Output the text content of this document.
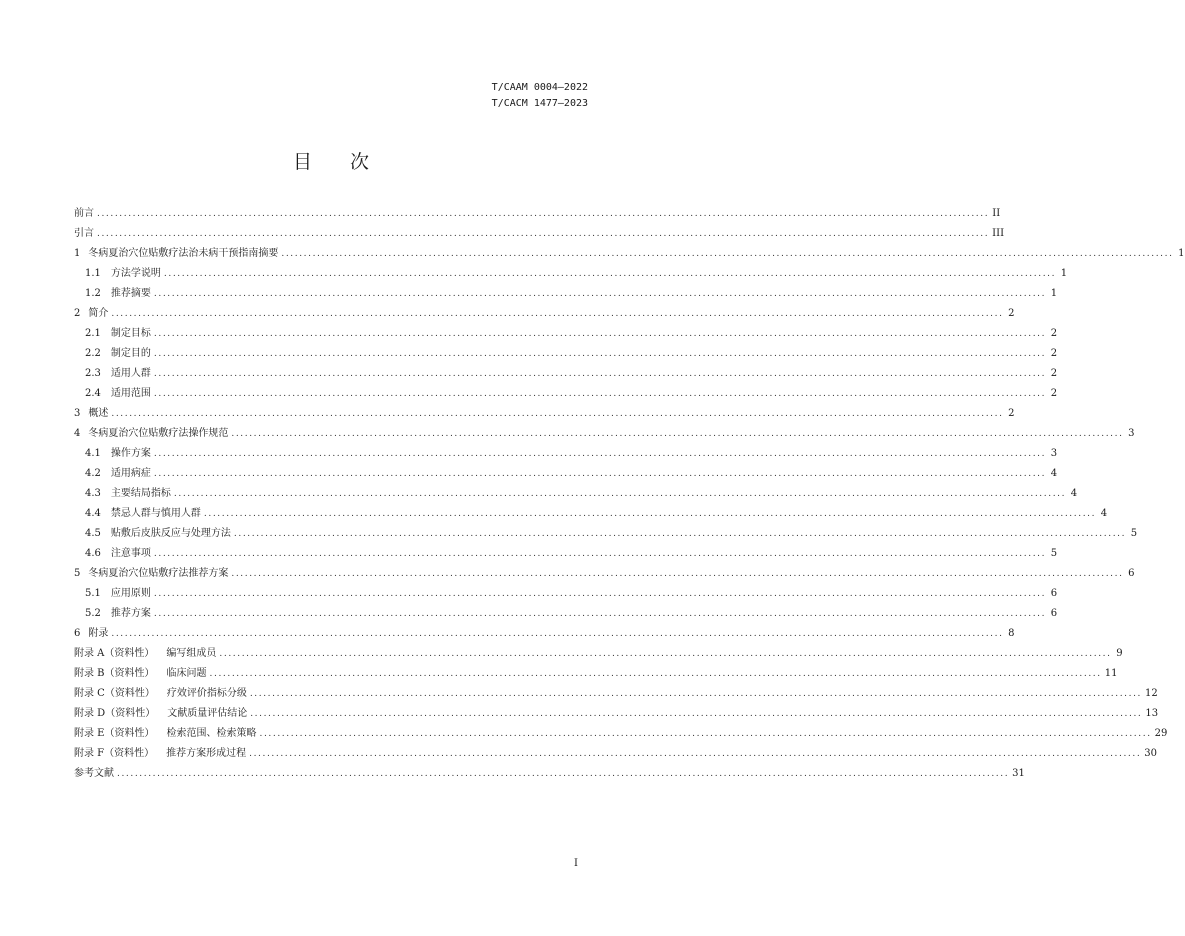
T/CAAM 0004—2022
T/CACM 1477—2023
目 次
前言 ........................................................................................................................................................................................................ II
引言 ........................................................................................................................................................................................................ III
1 冬病夏治穴位贴敷疗法治未病干预指南摘要 ........................................................................................................................................................................................................ 1
1.1 方法学说明 ........................................................................................................................................................................................................ 1
1.2 推荐摘要 ........................................................................................................................................................................................................ 1
2 简介 ........................................................................................................................................................................................................ 2
2.1 制定目标 ........................................................................................................................................................................................................ 2
2.2 制定目的 ........................................................................................................................................................................................................ 2
2.3 适用人群 ........................................................................................................................................................................................................ 2
2.4 适用范围 ........................................................................................................................................................................................................ 2
3 概述 ........................................................................................................................................................................................................ 2
4 冬病夏治穴位贴敷疗法操作规范 ........................................................................................................................................................................................................ 3
4.1 操作方案 ........................................................................................................................................................................................................ 3
4.2 适用病症 ........................................................................................................................................................................................................ 4
4.3 主要结局指标 ........................................................................................................................................................................................................ 4
4.4 禁忌人群与慎用人群 ........................................................................................................................................................................................................ 4
4.5 贴敷后皮肤反应与处理方法 ........................................................................................................................................................................................................ 5
4.6 注意事项 ........................................................................................................................................................................................................ 5
5 冬病夏治穴位贴敷疗法推荐方案 ........................................................................................................................................................................................................ 6
5.1 应用原则 ........................................................................................................................................................................................................ 6
5.2 推荐方案 ........................................................................................................................................................................................................ 6
6 附录 ........................................................................................................................................................................................................ 8
附录 A（资料性） 编写组成员 ........................................................................................................................................................................................................ 9
附录 B（资料性） 临床问题 ........................................................................................................................................................................................................ 11
附录 C（资料性） 疗效评价指标分级 ........................................................................................................................................................................................................ 12
附录 D（资料性） 文献质量评估结论 ........................................................................................................................................................................................................ 13
附录 E（资料性） 检索范围、检索策略 ........................................................................................................................................................................................................ 29
附录 F（资料性） 推荐方案形成过程 ........................................................................................................................................................................................................ 30
参考文献 ........................................................................................................................................................................................................ 31
I
